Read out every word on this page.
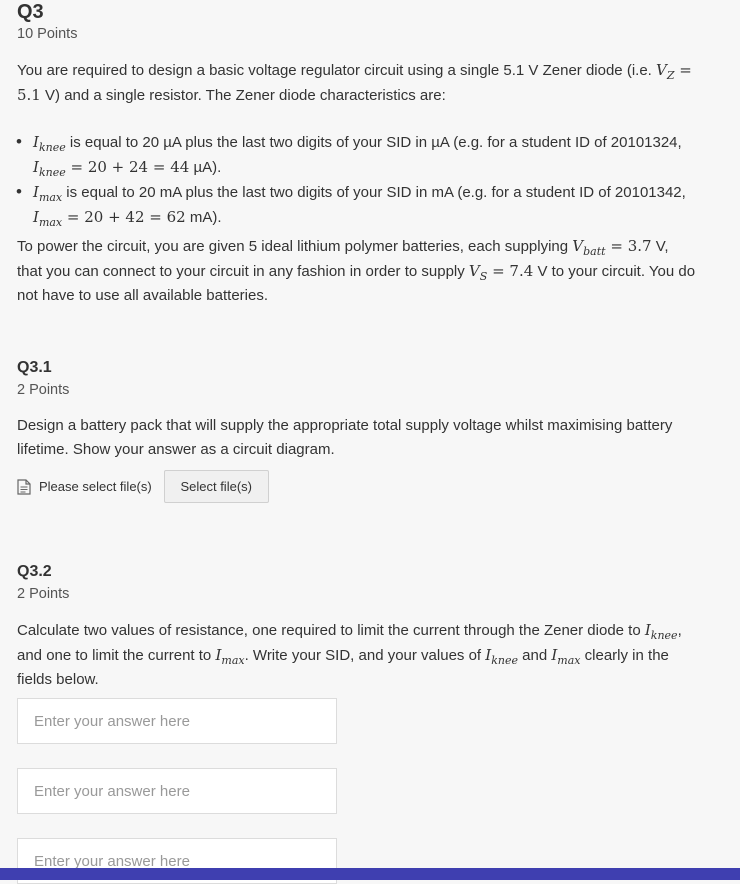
Q3
10 Points

You are required to design a basic voltage regulator circuit using a single 5.1 V Zener diode (i.e. $V_Z = 5.1$ V) and a single resistor. The Zener diode characteristics are:

• $I_{knee}$ is equal to 20 µA plus the last two digits of your SID in µA (e.g. for a student ID of 20101324, $I_{knee} = 20 + 24 = 44$ µA).
• $I_{max}$ is equal to 20 mA plus the last two digits of your SID in mA (e.g. for a student ID of 20101342, $I_{max} = 20 + 42 = 62$ mA).

To power the circuit, you are given 5 ideal lithium polymer batteries, each supplying $V_{batt} = 3.7$ V, that you can connect to your circuit in any fashion in order to supply $V_S = 7.4$ V to your circuit. You do not have to use all available batteries.

Q3.1
2 Points

Design a battery pack that will supply the appropriate total supply voltage whilst maximising battery lifetime. Show your answer as a circuit diagram.

Please select file(s)	Select file(s)
Q3.2
2 Points

Calculate two values of resistance, one required to limit the current through the Zener diode to $I_{knee}$, and one to limit the current to $I_{max}$. Write your SID, and your values of $I_{knee}$ and $I_{max}$ clearly in the fields below.

Enter your answer here
Enter your answer here
Enter your answer here
